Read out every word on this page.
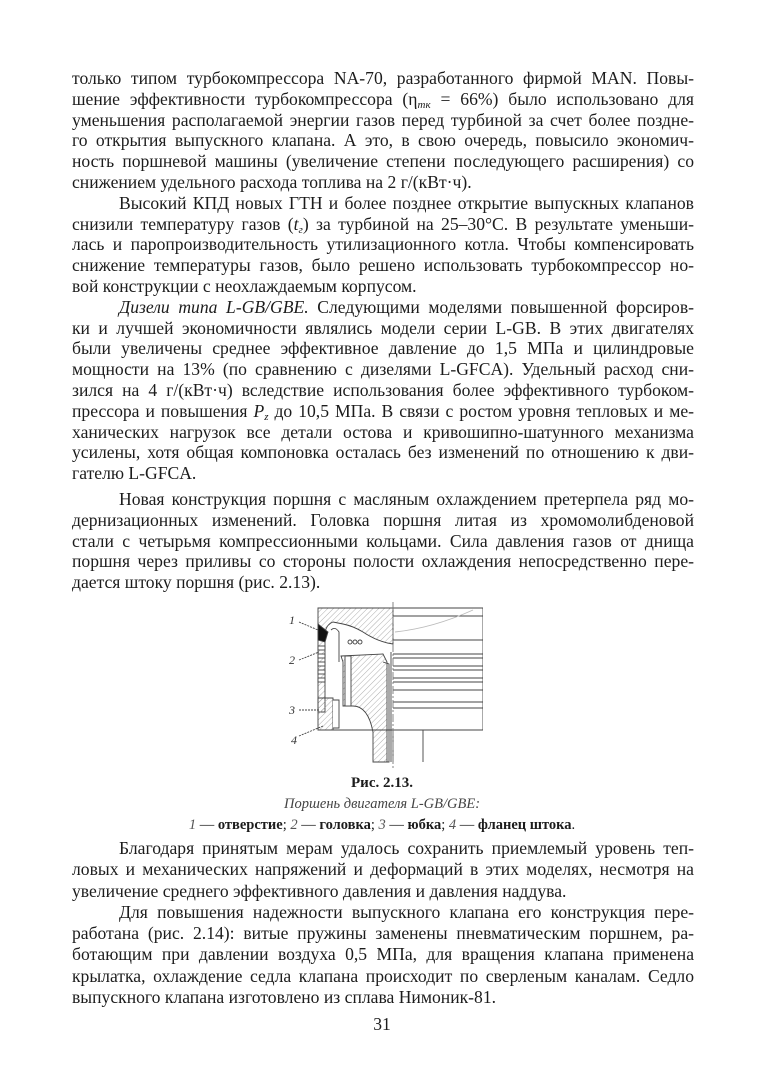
только типом турбокомпрессора NA-70, разработанного фирмой MAN. Повы-
шение эффективности турбокомпрессора $(\eta_{тк} = 66\%)$ было использовано для
уменьшения располагаемой энергии газов перед турбиной за счет более поздне-
го открытия выпускного клапана. А это, в свою очередь, повысило экономич-
ность поршневой машины (увеличение степени последующего расширения) со
снижением удельного расхода топлива на 2 г/(кВт·ч).
Высокий КПД новых ГТН и более позднее открытие выпускных клапанов
снизили температуру газов $(t_г)$ за турбиной на 25–30°С. В результате уменьши-
лась и паропроизводительность утилизационного котла. Чтобы компенсировать
снижение температуры газов, было решено использовать турбокомпрессор но-
вой конструкции с неохлаждаемым корпусом.
Дизели типа L-GB/GBE. Следующими моделями повышенной форсиров-
ки и лучшей экономичности являлись модели серии L-GB. В этих двигателях
были увеличены среднее эффективное давление до 1,5 МПа и цилиндровые
мощности на 13% (по сравнению с дизелями L-GFCA). Удельный расход сни-
зился на 4 г/(кВт·ч) вследствие использования более эффективного турбоком-
прессора и повышения $P_z$ до 10,5 МПа. В связи с ростом уровня тепловых и ме-
ханических нагрузок все детали остова и кривошипно-шатунного механизма
усилены, хотя общая компоновка осталась без изменений по отношению к дви-
гателю L-GFCA.
Новая конструкция поршня с масляным охлаждением претерпела ряд мо-
дернизационных изменений. Головка поршня литая из хромомолибденовой
стали с четырьмя компрессионными кольцами. Сила давления газов от днища
поршня через приливы со стороны полости охлаждения непосредственно пере-
дается штоку поршня (рис. 2.13).
1
2
3
4
Рис. 2.13.
Поршень двигателя L-GB/GBE:
1 — отверстие; 2 — головка; 3 — юбка; 4 — фланец штока.
Благодаря принятым мерам удалось сохранить приемлемый уровень теп-
ловых и механических напряжений и деформаций в этих моделях, несмотря на
увеличение среднего эффективного давления и давления наддува.
Для повышения надежности выпускного клапана его конструкция пере-
работана (рис. 2.14): витые пружины заменены пневматическим поршнем, ра-
ботающим при давлении воздуха 0,5 МПа, для вращения клапана применена
крылатка, охлаждение седла клапана происходит по сверленым каналам. Седло
выпускного клапана изготовлено из сплава Нимоник-81.
31
